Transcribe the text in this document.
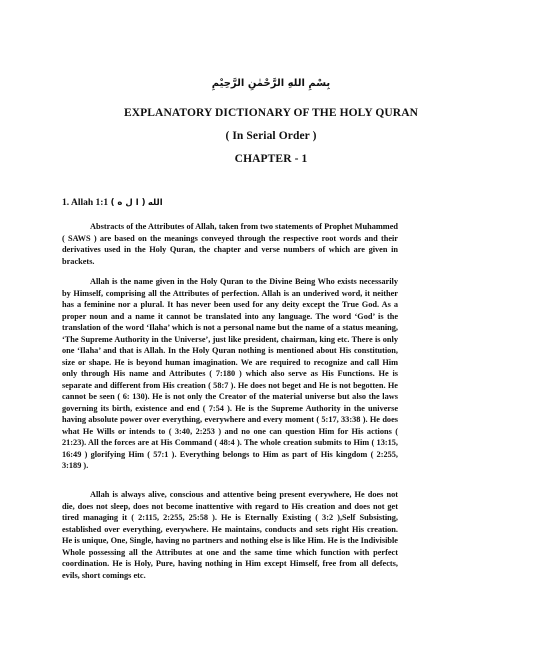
بِسْمِ اللهِ الرَّحْمٰنِ الرَّحِيْمِ
EXPLANATORY DICTIONARY OF THE HOLY QURAN
( In Serial Order )
CHAPTER - 1
1. Allah 1:1 ( ا ل ه ) الله

Abstracts of the Attributes of Allah, taken from two statements of Prophet Muhammed ( SAWS ) are based on the meanings conveyed through the respective root words and their derivatives used in the Holy Quran, the chapter and verse numbers of which are given in brackets.

Allah is the name given in the Holy Quran to the Divine Being Who exists necessarily by Himself, comprising all the Attributes of perfection. Allah is an underived word, it neither has a feminine nor a plural. It has never been used for any deity except the True God. As a proper noun and a name it cannot be translated into any language. The word ‘God’ is the translation of the word ‘Ilaha’ which is not a personal name but the name of a status meaning, ‘The Supreme Authority in the Universe’, just like president, chairman, king etc. There is only one ‘Ilaha’ and that is Allah. In the Holy Quran nothing is mentioned about His constitution, size or shape. He is beyond human imagination. We are required to recognize and call Him only through His name and Attributes ( 7:180 ) which also serve as His Functions. He is separate and different from His creation ( 58:7 ). He does not beget and He is not begotten. He cannot be seen ( 6: 130). He is not only the Creator of the material universe but also the laws governing its birth, existence and end ( 7:54 ). He is the Supreme Authority in the universe having absolute power over everything, everywhere and every moment ( 5:17, 33:38 ). He does what He Wills or intends to ( 3:40, 2:253 ) and no one can question Him for His actions ( 21:23). All the forces are at His Command ( 48:4 ). The whole creation submits to Him ( 13:15, 16:49 ) glorifying Him ( 57:1 ). Everything belongs to Him as part of His kingdom ( 2:255, 3:189 ).

Allah is always alive, conscious and attentive being present everywhere, He does not die, does not sleep, does not become inattentive with regard to His creation and does not get tired managing it ( 2:115, 2:255, 25:58 ). He is Eternally Existing ( 3:2 ),Self Subsisting, established over everything, everywhere. He maintains, conducts and sets right His creation. He is unique, One, Single, having no partners and nothing else is like Him. He is the Indivisible Whole possessing all the Attributes at one and the same time which function with perfect coordination. He is Holy, Pure, having nothing in Him except Himself, free from all defects, evils, short comings etc.
